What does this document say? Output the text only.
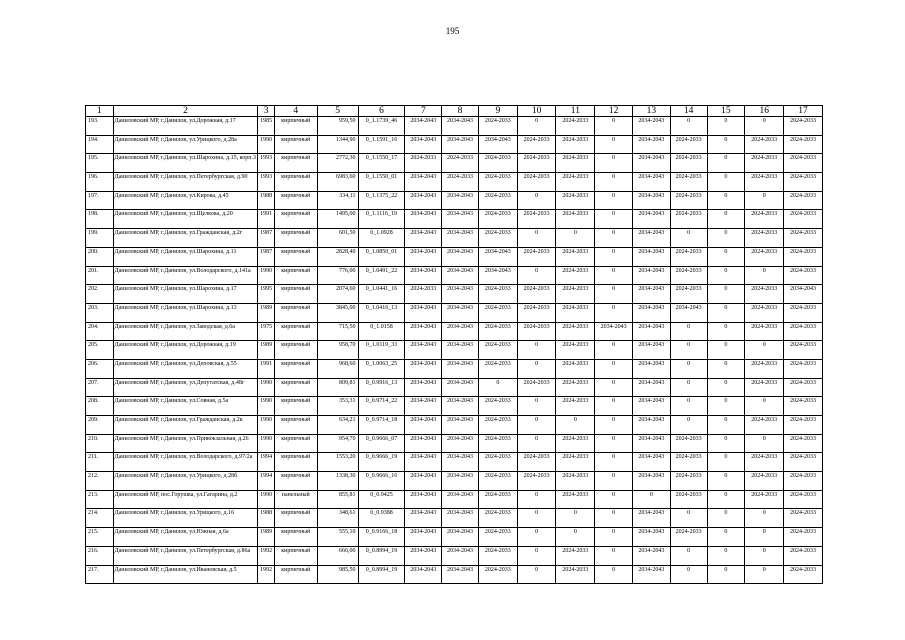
195
1	2	3	4	5	6	7	8	9	10	11	12	13	14	15	16	17
193.	Даниловский МР, г.Данилов, ул.Дорожная, д.17	1985	кирпичный	959,50	0_1.1739_46	2034-2043	2034-2043	2024-2033	0	2024-2033	0	2034-2043	0	0	0	2024-2033
194.	Даниловский МР, г.Данилов, ул.Урицкого, д.28а	1990	кирпичный	1344,90	0_1.1591_16	2034-2043	2034-2043	2034-2043	2024-2033	2024-2033	0	2034-2043	2024-2033	0	2024-2033	2024-2033
195.	Даниловский МР, г.Данилов, ул.Шарохина, д.15, корп.3	1993	кирпичный	2772,30	0_1.1550_17	2024-2033	2024-2033	2024-2033	2024-2033	2024-2033	0	2034-2043	2024-2033	0	2024-2033	2024-2033
196.	Даниловский МР, г.Данилов, ул.Петербургская, д.90	1993	кирпичный	6983,60	0_1.1550_01	2034-2043	2024-2033	2024-2033	2024-2033	2024-2033	0	2034-2043	2024-2033	0	2024-2033	2024-2033
197.	Даниловский МР, г.Данилов, ул.Кирова, д.45	1988	кирпичный	334,11	0_1.1375_22	2034-2043	2034-2043	2024-2033	0	2024-2033	0	2034-2043	2024-2033	0	0	2024-2033
198.	Даниловский МР, г.Данилов, ул.Щелкова, д.20	1991	кирпичный	1495,00	0_1.1116_19	2034-2043	2034-2043	2024-2033	2024-2033	2024-2033	0	2034-2043	2024-2033	0	2024-2033	2024-2033
199.	Даниловский МР, г.Данилов, ул.Гражданская, д.2г	1987	кирпичный	601,50	0_1.0928	2034-2043	2034-2043	2024-2033	0	0	0	2034-2043	0	0	2024-2033	2024-2033
200.	Даниловский МР, г.Данилов, ул.Шарохина, д.11	1987	кирпичный	2828,40	0_1.0850_01	2034-2043	2034-2043	2034-2043	2024-2033	2024-2033	0	2034-2043	2024-2033	0	2024-2033	2024-2033
201.	Даниловский МР, г.Данилов, ул.Володарского, д.141а	1990	кирпичный	776,00	0_1.0491_22	2034-2043	2034-2043	2034-2043	0	2024-2033	0	2034-2043	2024-2033	0	0	2024-2033
202.	Даниловский МР, г.Данилов, ул.Шарохина, д.17	1995	кирпичный	2074,60	0_1.0441_16	2024-2033	2034-2043	2024-2033	2024-2033	2024-2033	0	2034-2043	2024-2033	0	2024-2033	2034-2043
203.	Даниловский МР, г.Данилов, ул.Шарохина, д.13	1989	кирпичный	3845,00	0_1.0416_13	2034-2043	2034-2043	2024-2033	2024-2033	2024-2033	0	2034-2043	2034-2043	0	2024-2033	2024-2033
204.	Даниловский МР, г.Данилов, ул.Заводская, д.6а	1975	кирпичный	715,50	0_1.0158	2034-2043	2034-2043	2024-2033	2024-2033	2024-2033	2034-2043	2034-2043	0	0	2024-2033	2024-2033
205.	Даниловский МР, г.Данилов, ул.Дорожная, д.19	1989	кирпичный	958,70	0_1.0119_33	2034-2043	2034-2043	2024-2033	0	2024-2033	0	2034-2043	0	0	0	2024-2033
206.	Даниловский МР, г.Данилов, ул.Деповская, д.55	1991	кирпичный	968,60	0_1.0063_25	2034-2043	2034-2043	2024-2033	0	2024-2033	0	2034-2043	0	0	2024-2033	2024-2033
207.	Даниловский МР, г.Данилов, ул.Депутатская, д.48г	1990	кирпичный	809,81	0_0.9916_13	2034-2043	2034-2043	0	2024-2033	2024-2033	0	2034-2043	0	0	2024-2033	2024-2033
208.	Даниловский МР, г.Данилов, ул.Совная, д.5а	1990	кирпичный	353,31	0_0.9714_22	2034-2043	2034-2043	2024-2033	0	2024-2033	0	2034-2043	0	0	0	2024-2033
209.	Даниловский МР, г.Данилов, ул.Гражданская, д.2к	1990	кирпичный	634,21	0_0.9714_18	2034-2043	2034-2043	2024-2033	0	0	0	2034-2043	0	0	2024-2033	2024-2033
210.	Даниловский МР, г.Данилов, ул.Привокзальная, д.26	1990	кирпичный	954,70	0_0.9666_07	2034-2043	2034-2043	2024-2033	0	2024-2033	0	2034-2043	2024-2033	0	0	2024-2033
211.	Даниловский МР, г.Данилов, ул.Володарского, д.97/2а	1994	кирпичный	1553,20	0_0.9666_19	2034-2043	2034-2043	2024-2033	2024-2033	2024-2033	0	2034-2043	2024-2033	0	2024-2033	2024-2033
212.	Даниловский МР, г.Данилов, ул.Урицкого, д.28б	1994	кирпичный	1338,30	0_0.9666_16	2034-2043	2034-2043	2024-2033	2024-2033	2024-2033	0	2034-2043	2024-2033	0	2024-2033	2024-2033
213.	Даниловский МР, пос.Горушка, ул.Гагарина, д.2	1990	панельный	855,81	0_0.9425	2034-2043	2034-2043	2024-2033	0	2024-2033	0	0	2024-2033	0	2024-2033	2024-2033
214.	Даниловский МР, г.Данилов, ул.Урицкого, д.16	1988	кирпичный	348,61	0_0.9388	2034-2043	2034-2043	2024-2033	0	0	0	2034-2043	0	0	0	2024-2033
215.	Даниловский МР, г.Данилов, ул.Южная, д.6а	1989	кирпичный	555,10	0_0.9166_18	2034-2043	2034-2043	2024-2033	0	0	0	2034-2043	2024-2033	0	0	2024-2033
216.	Даниловский МР, г.Данилов, ул.Петербургская, д.86а	1992	кирпичный	666,00	0_0.8994_19	2034-2043	2034-2043	2024-2033	0	2024-2033	0	2034-2043	0	0	0	2024-2033
217.	Даниловский МР, г.Данилов, ул.Ивановская, д.5	1992	кирпичный	985,50	0_0.8994_19	2034-2043	2034-2043	2024-2033	0	2024-2033	0	2034-2043	0	0	0	2024-2033
